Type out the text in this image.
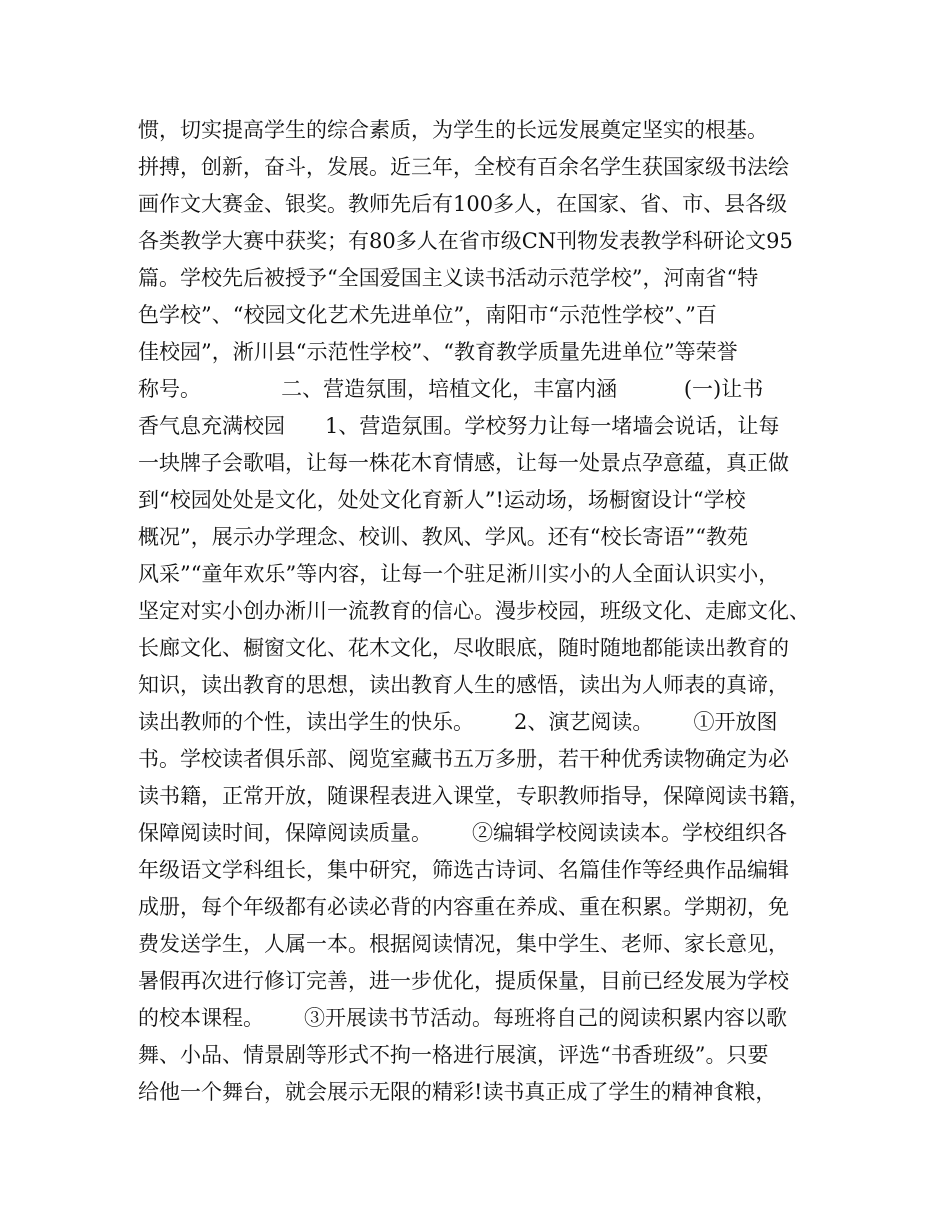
惯，切实提高学生的综合素质，为学生的长远发展奠定坚实的根基。
拼搏，创新，奋斗，发展。近三年，全校有百余名学生获国家级书法绘
画作文大赛金、银奖。教师先后有100多人，在国家、省、市、县各级
各类教学大赛中获奖；有80多人在省市级CN刊物发表教学科研论文95
篇。学校先后被授予“全国爱国主义读书活动示范学校”，河南省“特
色学校”、“校园文化艺术先进单位”，南阳市“示范性学校”、”百
佳校园”，淅川县“示范性学校”、“教育教学质量先进单位”等荣誉
称号。            二、营造氛围，培植文化，丰富内涵          (一)让书
香气息充满校园      1、营造氛围。学校努力让每一堵墙会说话，让每
一块牌子会歌唱，让每一株花木育情感，让每一处景点孕意蕴，真正做
到“校园处处是文化，处处文化育新人”!运动场，场橱窗设计“学校
概况”，展示办学理念、校训、教风、学风。还有“校长寄语”“教苑
风采”“童年欢乐”等内容，让每一个驻足淅川实小的人全面认识实小，
坚定对实小创办淅川一流教育的信心。漫步校园，班级文化、走廊文化、
长廊文化、橱窗文化、花木文化，尽收眼底，随时随地都能读出教育的
知识，读出教育的思想，读出教育人生的感悟，读出为人师表的真谛，
读出教师的个性，读出学生的快乐。      2、演艺阅读。      ①开放图
书。学校读者俱乐部、阅览室藏书五万多册，若干种优秀读物确定为必
读书籍，正常开放，随课程表进入课堂，专职教师指导，保障阅读书籍，
保障阅读时间，保障阅读质量。      ②编辑学校阅读读本。学校组织各
年级语文学科组长，集中研究，筛选古诗词、名篇佳作等经典作品编辑
成册，每个年级都有必读必背的内容重在养成、重在积累。学期初，免
费发送学生，人属一本。根据阅读情况，集中学生、老师、家长意见，
暑假再次进行修订完善，进一步优化，提质保量，目前已经发展为学校
的校本课程。      ③开展读书节活动。每班将自己的阅读积累内容以歌
舞、小品、情景剧等形式不拘一格进行展演，评选“书香班级”。只要
给他一个舞台，就会展示无限的精彩!读书真正成了学生的精神食粮，
